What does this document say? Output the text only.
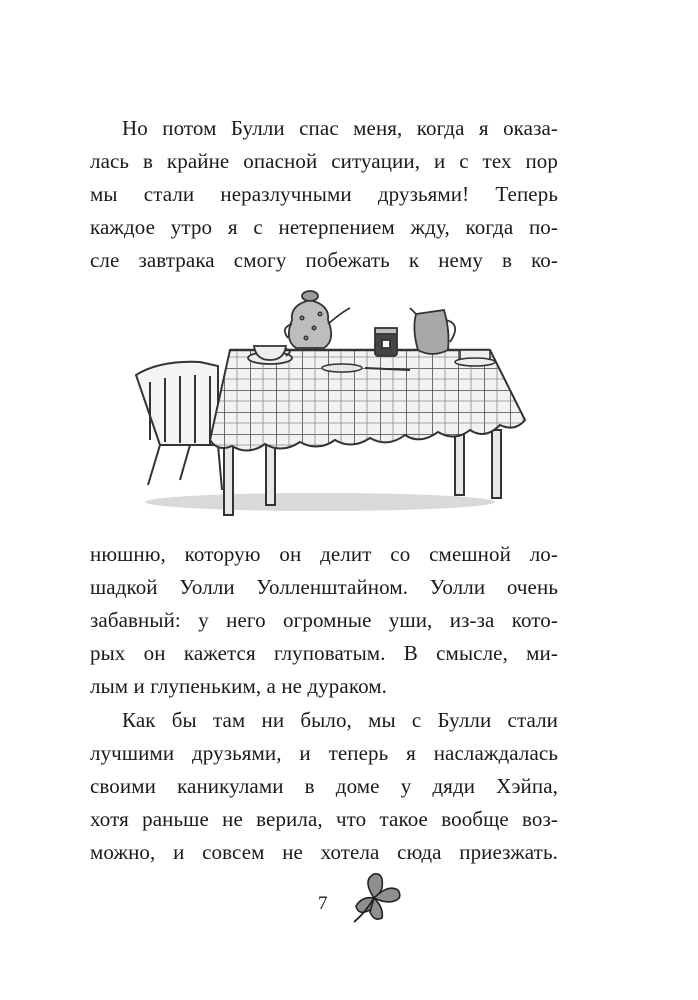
Но потом Булли спас меня, когда я оказа-
лась в крайне опасной ситуации, и с тех пор
мы стали неразлучными друзьями! Теперь
каждое утро я с нетерпением жду, когда по-
сле завтрака смогу побежать к нему в ко-
нюшню, которую он делит со смешной ло-
шадкой Уолли Уолленштайном. Уолли очень
забавный: у него огромные уши, из-за кото-
рых он кажется глуповатым. В смысле, ми-
лым и глупеньким, а не дураком.
Как бы там ни было, мы с Булли стали
лучшими друзьями, и теперь я наслаждалась
своими каникулами в доме у дяди Хэйпа,
хотя раньше не верила, что такое вообще воз-
можно, и совсем не хотела сюда приезжать.
7
